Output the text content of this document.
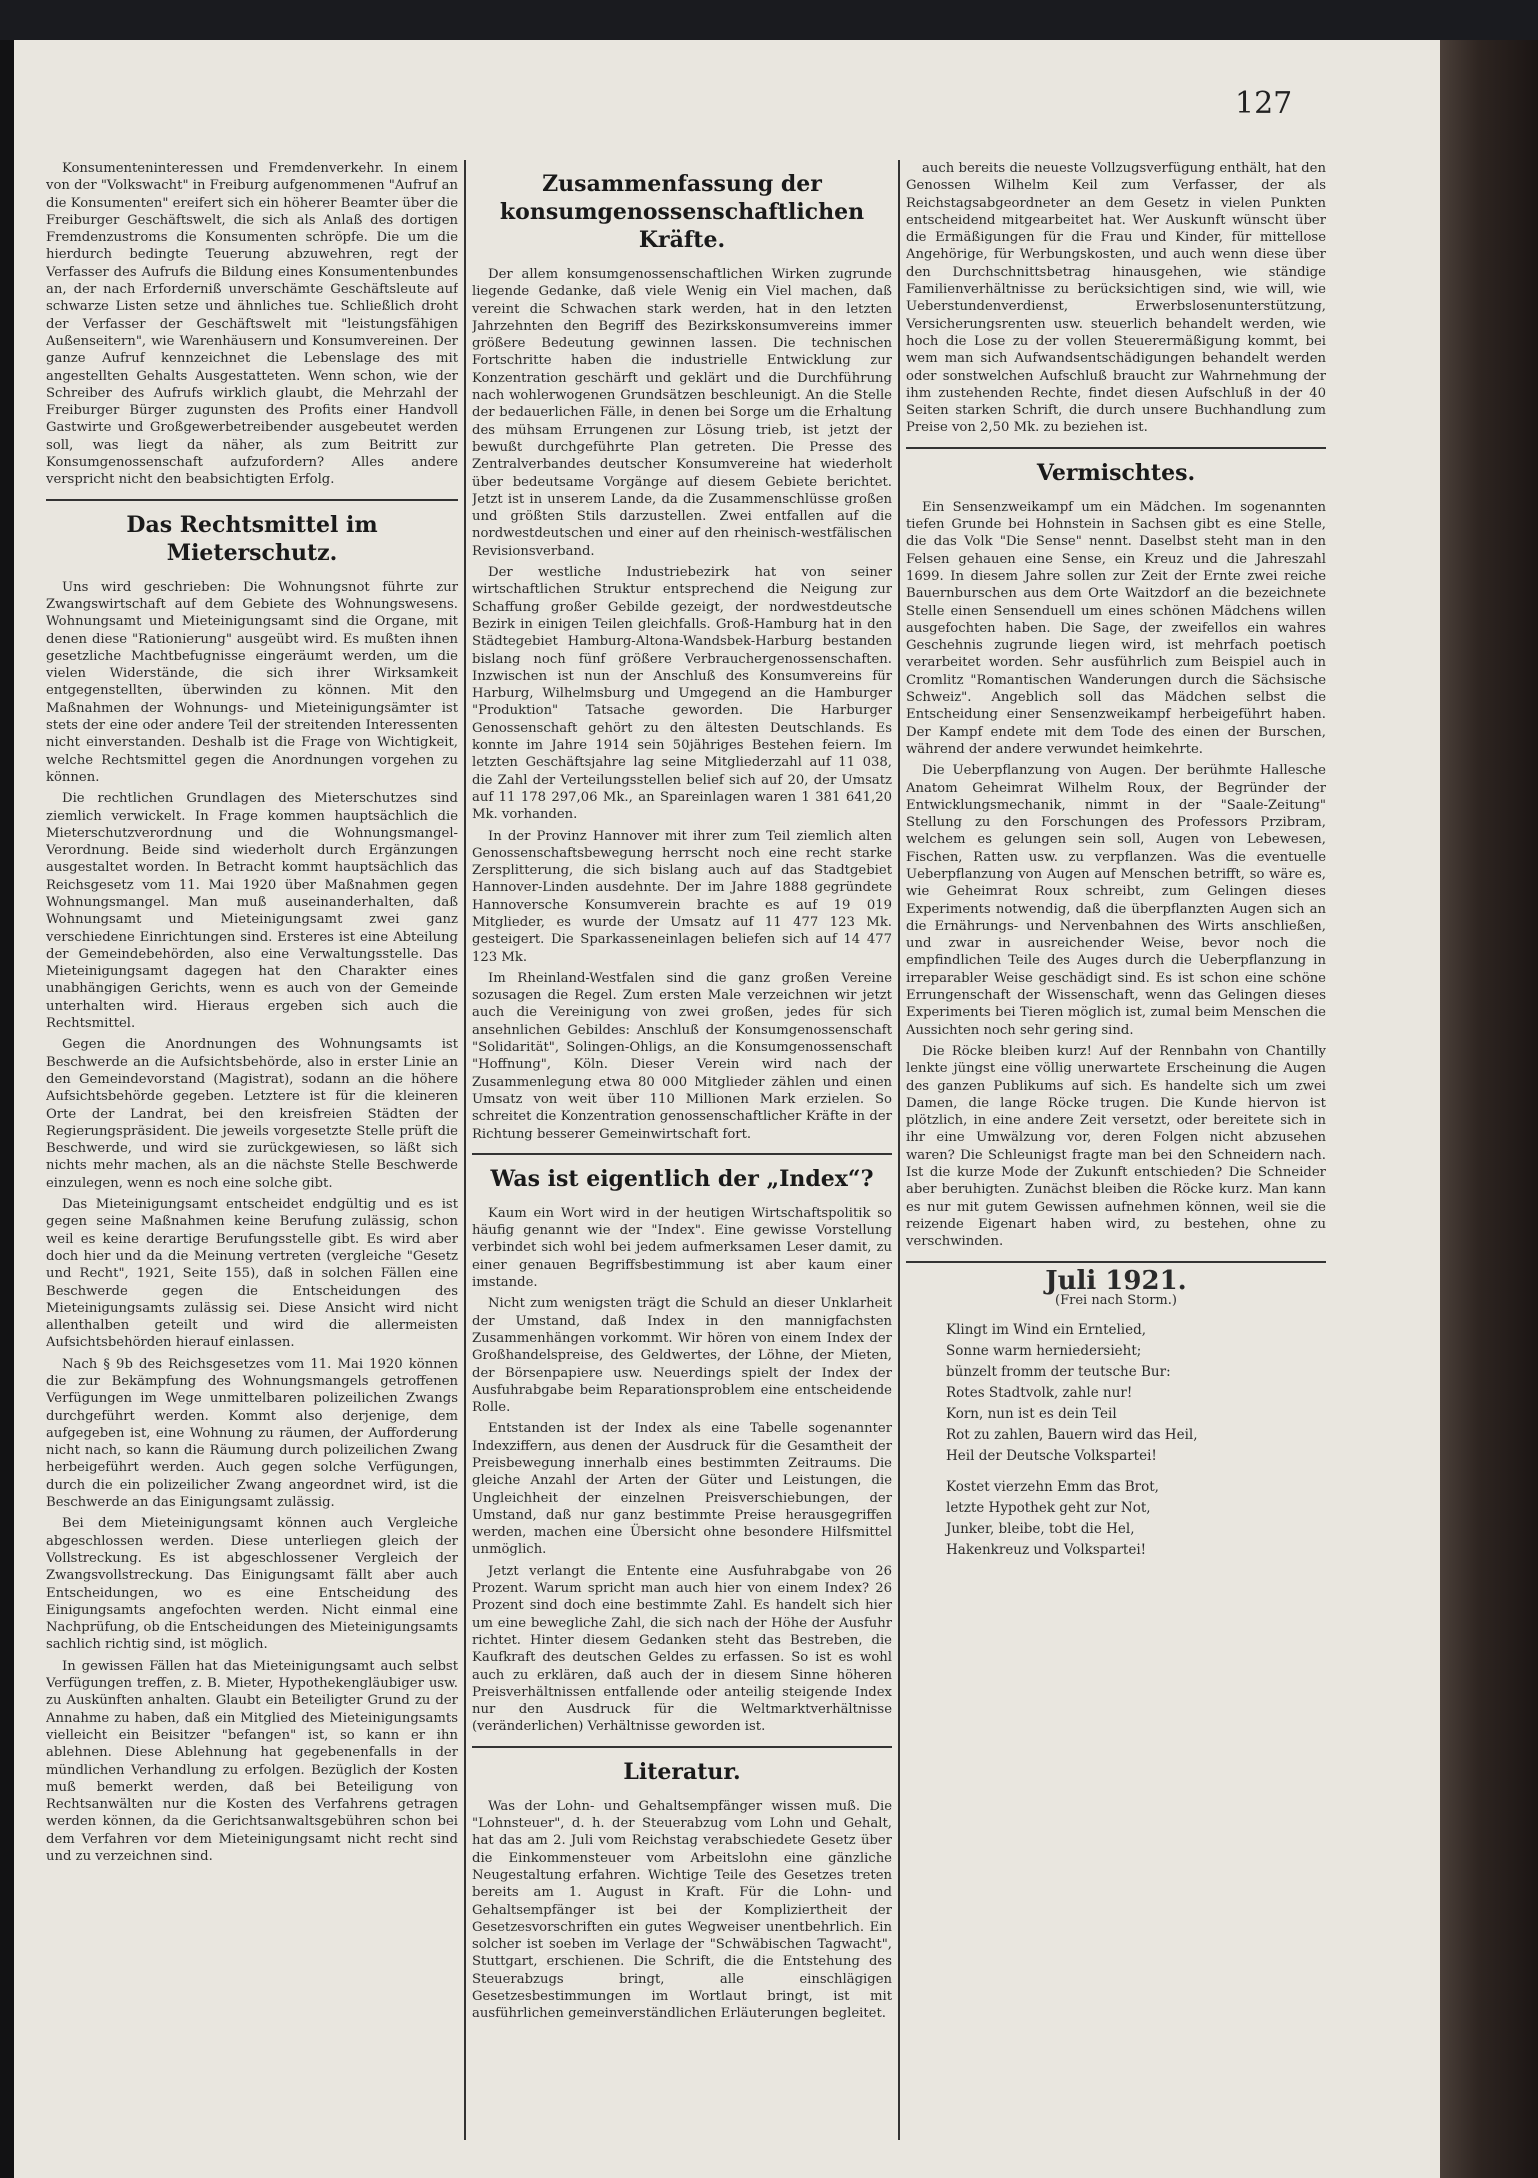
127

Konsumenteninteressen und Fremdenverkehr. In einem von der "Volkswacht" in Freiburg aufgenommenen "Aufruf an die Konsumenten" ereifert sich ein höherer Beamter über die Freiburger Geschäftswelt, die sich als Anlaß des dortigen Fremdenzustroms die Konsumenten schröpfe. Die um die hierdurch bedingte Teuerung abzuwehren, regt der Verfasser des Aufrufs die Bildung eines Konsumentenbundes an, der nach Erforderniß unverschämte Geschäftsleute auf schwarze Listen setze und ähnliches tue. Schließlich droht der Verfasser der Geschäftswelt mit "leistungsfähigen Außenseitern", wie Warenhäusern und Konsumvereinen. Der ganze Aufruf kennzeichnet die Lebenslage des mit angestellten Gehalts Ausgestatteten. Wenn schon, wie der Schreiber des Aufrufs wirklich glaubt, die Mehrzahl der Freiburger Bürger zugunsten des Profits einer Handvoll Gastwirte und Großgewerbetreibender ausgebeutet werden soll, was liegt da näher, als zum Beitritt zur Konsumgenossenschaft aufzufordern? Alles andere verspricht nicht den beabsichtigten Erfolg.

Das Rechtsmittel im Mieterschutz.

Uns wird geschrieben: Die Wohnungsnot führte zur Zwangswirtschaft auf dem Gebiete des Wohnungswesens. Wohnungsamt und Mieteinigungsamt sind die Organe, mit denen diese "Rationierung" ausgeübt wird. Es mußten ihnen gesetzliche Machtbefugnisse eingeräumt werden, um die vielen Widerstände, die sich ihrer Wirksamkeit entgegenstellten, überwinden zu können. Mit den Maßnahmen der Wohnungs- und Mieteinigungsämter ist stets der eine oder andere Teil der streitenden Interessenten nicht einverstanden. Deshalb ist die Frage von Wichtigkeit, welche Rechtsmittel gegen die Anordnungen vorgehen zu können.

Die rechtlichen Grundlagen des Mieterschutzes sind ziemlich verwickelt. In Frage kommen hauptsächlich die Mieterschutzverordnung und die Wohnungsmangel-Verordnung. Beide sind wiederholt durch Ergänzungen ausgestaltet worden. In Betracht kommt hauptsächlich das Reichsgesetz vom 11. Mai 1920 über Maßnahmen gegen Wohnungsmangel. Man muß auseinanderhalten, daß Wohnungsamt und Mieteinigungsamt zwei ganz verschiedene Einrichtungen sind. Ersteres ist eine Abteilung der Gemeindebehörden, also eine Verwaltungsstelle. Das Mieteinigungsamt dagegen hat den Charakter eines unabhängigen Gerichts, wenn es auch von der Gemeinde unterhalten wird. Hieraus ergeben sich auch die Rechtsmittel.

Gegen die Anordnungen des Wohnungsamts ist Beschwerde an die Aufsichtsbehörde, also in erster Linie an den Gemeindevorstand (Magistrat), sodann an die höhere Aufsichtsbehörde gegeben. Letztere ist für die kleineren Orte der Landrat, bei den kreisfreien Städten der Regierungspräsident. Die jeweils vorgesetzte Stelle prüft die Beschwerde, und wird sie zurückgewiesen, so läßt sich nichts mehr machen, als an die nächste Stelle Beschwerde einzulegen, wenn es noch eine solche gibt.

Das Mieteinigungsamt entscheidet endgültig und es ist gegen seine Maßnahmen keine Berufung zulässig, schon weil es keine derartige Berufungsstelle gibt. Es wird aber doch hier und da die Meinung vertreten (vergleiche "Gesetz und Recht", 1921, Seite 155), daß in solchen Fällen eine Beschwerde gegen die Entscheidungen des Mieteinigungsamts zulässig sei. Diese Ansicht wird nicht allenthalben geteilt und wird die allermeisten Aufsichtsbehörden hierauf einlassen.

Nach § 9b des Reichsgesetzes vom 11. Mai 1920 können die zur Bekämpfung des Wohnungsmangels getroffenen Verfügungen im Wege unmittelbaren polizeilichen Zwangs durchgeführt werden. Kommt also derjenige, dem aufgegeben ist, eine Wohnung zu räumen, der Aufforderung nicht nach, so kann die Räumung durch polizeilichen Zwang herbeigeführt werden. Auch gegen solche Verfügungen, durch die ein polizeilicher Zwang angeordnet wird, ist die Beschwerde an das Einigungsamt zulässig.

Bei dem Mieteinigungsamt können auch Vergleiche abgeschlossen werden. Diese unterliegen gleich der Vollstreckung. Es ist abgeschlossener Vergleich der Zwangsvollstreckung. Das Einigungsamt fällt aber auch Entscheidungen, wo es eine Entscheidung des Einigungsamts angefochten werden. Nicht einmal eine Nachprüfung, ob die Entscheidungen des Mieteinigungsamts sachlich richtig sind, ist möglich.

In gewissen Fällen hat das Mieteinigungsamt auch selbst Verfügungen treffen, z. B. Mieter, Hypothekengläubiger usw. zu Auskünften anhalten. Glaubt ein Beteiligter Grund zu der Annahme zu haben, daß ein Mitglied des Mieteinigungsamts vielleicht ein Beisitzer "befangen" ist, so kann er ihn ablehnen. Diese Ablehnung hat gegebenenfalls in der mündlichen Verhandlung zu erfolgen. Bezüglich der Kosten muß bemerkt werden, daß bei Beteiligung von Rechtsanwälten nur die Kosten des Verfahrens getragen werden können, da die Gerichtsanwaltsgebühren schon bei dem Verfahren vor dem Mieteinigungsamt nicht recht sind und zu verzeichnen sind.

Zusammenfassung der konsumgenossenschaftlichen Kräfte.

Der allem konsumgenossenschaftlichen Wirken zugrunde liegende Gedanke, daß viele Wenig ein Viel machen, daß vereint die Schwachen stark werden, hat in den letzten Jahrzehnten den Begriff des Bezirkskonsumvereins immer größere Bedeutung gewinnen lassen. Die technischen Fortschritte haben die industrielle Entwicklung zur Konzentration geschärft und geklärt und die Durchführung nach wohlerwogenen Grundsätzen beschleunigt. An die Stelle der bedauerlichen Fälle, in denen bei Sorge um die Erhaltung des mühsam Errungenen zur Lösung trieb, ist jetzt der bewußt durchgeführte Plan getreten. Die Presse des Zentralverbandes deutscher Konsumvereine hat wiederholt über bedeutsame Vorgänge auf diesem Gebiete berichtet. Jetzt ist in unserem Lande, da die Zusammenschlüsse großen und größten Stils darzustellen. Zwei entfallen auf die nordwestdeutschen und einer auf den rheinisch-westfälischen Revisionsverband.

Der westliche Industriebezirk hat von seiner wirtschaftlichen Struktur entsprechend die Neigung zur Schaffung großer Gebilde gezeigt, der nordwestdeutsche Bezirk in einigen Teilen gleichfalls. Groß-Hamburg hat in den Städtegebiet Hamburg-Altona-Wandsbek-Harburg bestanden bislang noch fünf größere Verbrauchergenossenschaften. Inzwischen ist nun der Anschluß des Konsumvereins für Harburg, Wilhelmsburg und Umgegend an die Hamburger "Produktion" Tatsache geworden. Die Harburger Genossenschaft gehört zu den ältesten Deutschlands. Es konnte im Jahre 1914 sein 50jähriges Bestehen feiern. Im letzten Geschäftsjahre lag seine Mitgliederzahl auf 11 038, die Zahl der Verteilungsstellen belief sich auf 20, der Umsatz auf 11 178 297,06 Mk., an Spareinlagen waren 1 381 641,20 Mk. vorhanden.

In der Provinz Hannover mit ihrer zum Teil ziemlich alten Genossenschaftsbewegung herrscht noch eine recht starke Zersplitterung, die sich bislang auch auf das Stadtgebiet Hannover-Linden ausdehnte. Der im Jahre 1888 gegründete Hannoversche Konsumverein brachte es auf 19 019 Mitglieder, es wurde der Umsatz auf 11 477 123 Mk. gesteigert. Die Sparkasseneinlagen beliefen sich auf 14 477 123 Mk.

Im Rheinland-Westfalen sind die ganz großen Vereine sozusagen die Regel. Zum ersten Male verzeichnen wir jetzt auch die Vereinigung von zwei großen, jedes für sich ansehnlichen Gebildes: Anschluß der Konsumgenossenschaft "Solidarität", Solingen-Ohligs, an die Konsumgenossenschaft "Hoffnung", Köln. Dieser Verein wird nach der Zusammenlegung etwa 80 000 Mitglieder zählen und einen Umsatz von weit über 110 Millionen Mark erzielen. So schreitet die Konzentration genossenschaftlicher Kräfte in der Richtung besserer Gemeinwirtschaft fort.

Was ist eigentlich der „Index“?

Kaum ein Wort wird in der heutigen Wirtschaftspolitik so häufig genannt wie der "Index". Eine gewisse Vorstellung verbindet sich wohl bei jedem aufmerksamen Leser damit, zu einer genauen Begriffsbestimmung ist aber kaum einer imstande.

Nicht zum wenigsten trägt die Schuld an dieser Unklarheit der Umstand, daß Index in den mannigfachsten Zusammenhängen vorkommt. Wir hören von einem Index der Großhandelspreise, des Geldwertes, der Löhne, der Mieten, der Börsenpapiere usw. Neuerdings spielt der Index der Ausfuhrabgabe beim Reparationsproblem eine entscheidende Rolle.

Entstanden ist der Index als eine Tabelle sogenannter Indexziffern, aus denen der Ausdruck für die Gesamtheit der Preisbewegung innerhalb eines bestimmten Zeitraums. Die gleiche Anzahl der Arten der Güter und Leistungen, die Ungleichheit der einzelnen Preisverschiebungen, der Umstand, daß nur ganz bestimmte Preise herausgegriffen werden, machen eine Übersicht ohne besondere Hilfsmittel unmöglich.

Jetzt verlangt die Entente eine Ausfuhrabgabe von 26 Prozent. Warum spricht man auch hier von einem Index? 26 Prozent sind doch eine bestimmte Zahl. Es handelt sich hier um eine bewegliche Zahl, die sich nach der Höhe der Ausfuhr richtet. Hinter diesem Gedanken steht das Bestreben, die Kaufkraft des deutschen Geldes zu erfassen. So ist es wohl auch zu erklären, daß auch der in diesem Sinne höheren Preisverhältnissen entfallende oder anteilig steigende Index nur den Ausdruck für die Weltmarktverhältnisse (veränderlichen) Verhältnisse geworden ist.

Literatur.

Was der Lohn- und Gehaltsempfänger wissen muß. Die "Lohnsteuer", d. h. der Steuerabzug vom Lohn und Gehalt, hat das am 2. Juli vom Reichstag verabschiedete Gesetz über die Einkommensteuer vom Arbeitslohn eine gänzliche Neugestaltung erfahren. Wichtige Teile des Gesetzes treten bereits am 1. August in Kraft. Für die Lohn- und Gehaltsempfänger ist bei der Kompliziertheit der Gesetzesvorschriften ein gutes Wegweiser unentbehrlich. Ein solcher ist soeben im Verlage der "Schwäbischen Tagwacht", Stuttgart, erschienen. Die Schrift, die die Entstehung des Steuerabzugs bringt, alle einschlägigen Gesetzesbestimmungen im Wortlaut bringt, ist mit ausführlichen gemeinverständlichen Erläuterungen begleitet.

auch bereits die neueste Vollzugsverfügung enthält, hat den Genossen Wilhelm Keil zum Verfasser, der als Reichstagsabgeordneter an dem Gesetz in vielen Punkten entscheidend mitgearbeitet hat. Wer Auskunft wünscht über die Ermäßigungen für die Frau und Kinder, für mittellose Angehörige, für Werbungskosten, und auch wenn diese über den Durchschnittsbetrag hinausgehen, wie ständige Familienverhältnisse zu berücksichtigen sind, wie will, wie Ueberstundenverdienst, Erwerbslosenunterstützung, Versicherungsrenten usw. steuerlich behandelt werden, wie hoch die Lose zu der vollen Steuerermäßigung kommt, bei wem man sich Aufwandsentschädigungen behandelt werden oder sonstwelchen Aufschluß braucht zur Wahrnehmung der ihm zustehenden Rechte, findet diesen Aufschluß in der 40 Seiten starken Schrift, die durch unsere Buchhandlung zum Preise von 2,50 Mk. zu beziehen ist.

Vermischtes.

Ein Sensenzweikampf um ein Mädchen. Im sogenannten tiefen Grunde bei Hohnstein in Sachsen gibt es eine Stelle, die das Volk "Die Sense" nennt. Daselbst steht man in den Felsen gehauen eine Sense, ein Kreuz und die Jahreszahl 1699. In diesem Jahre sollen zur Zeit der Ernte zwei reiche Bauernburschen aus dem Orte Waitzdorf an die bezeichnete Stelle einen Sensenduell um eines schönen Mädchens willen ausgefochten haben. Die Sage, der zweifellos ein wahres Geschehnis zugrunde liegen wird, ist mehrfach poetisch verarbeitet worden. Sehr ausführlich zum Beispiel auch in Cromlitz "Romantischen Wanderungen durch die Sächsische Schweiz". Angeblich soll das Mädchen selbst die Entscheidung einer Sensenzweikampf herbeigeführt haben. Der Kampf endete mit dem Tode des einen der Burschen, während der andere verwundet heimkehrte.

Die Ueberpflanzung von Augen. Der berühmte Hallesche Anatom Geheimrat Wilhelm Roux, der Begründer der Entwicklungsmechanik, nimmt in der "Saale-Zeitung" Stellung zu den Forschungen des Professors Przibram, welchem es gelungen sein soll, Augen von Lebewesen, Fischen, Ratten usw. zu verpflanzen. Was die eventuelle Ueberpflanzung von Augen auf Menschen betrifft, so wäre es, wie Geheimrat Roux schreibt, zum Gelingen dieses Experiments notwendig, daß die überpflanzten Augen sich an die Ernährungs- und Nervenbahnen des Wirts anschließen, und zwar in ausreichender Weise, bevor noch die empfindlichen Teile des Auges durch die Ueberpflanzung in irreparabler Weise geschädigt sind. Es ist schon eine schöne Errungenschaft der Wissenschaft, wenn das Gelingen dieses Experiments bei Tieren möglich ist, zumal beim Menschen die Aussichten noch sehr gering sind.

Die Röcke bleiben kurz! Auf der Rennbahn von Chantilly lenkte jüngst eine völlig unerwartete Erscheinung die Augen des ganzen Publikums auf sich. Es handelte sich um zwei Damen, die lange Röcke trugen. Die Kunde hiervon ist plötzlich, in eine andere Zeit versetzt, oder bereitete sich in ihr eine Umwälzung vor, deren Folgen nicht abzusehen waren? Die Schleunigst fragte man bei den Schneidern nach. Ist die kurze Mode der Zukunft entschieden? Die Schneider aber beruhigten. Zunächst bleiben die Röcke kurz. Man kann es nur mit gutem Gewissen aufnehmen können, weil sie die reizende Eigenart haben wird, zu bestehen, ohne zu verschwinden.

Juli 1921.
(Frei nach Storm.)
Klingt im Wind ein Erntelied,
Sonne warm herniedersieht;
bünzelt fromm der teutsche Bur:
Rotes Stadtvolk, zahle nur!
Korn, nun ist es dein Teil
Rot zu zahlen, Bauern wird das Heil,
Heil der Deutsche Volkspartei!
Kostet vierzehn Emm das Brot,
letzte Hypothek geht zur Not,
Junker, bleibe, tobt die Hel,
Hakenkreuz und Volkspartei!
